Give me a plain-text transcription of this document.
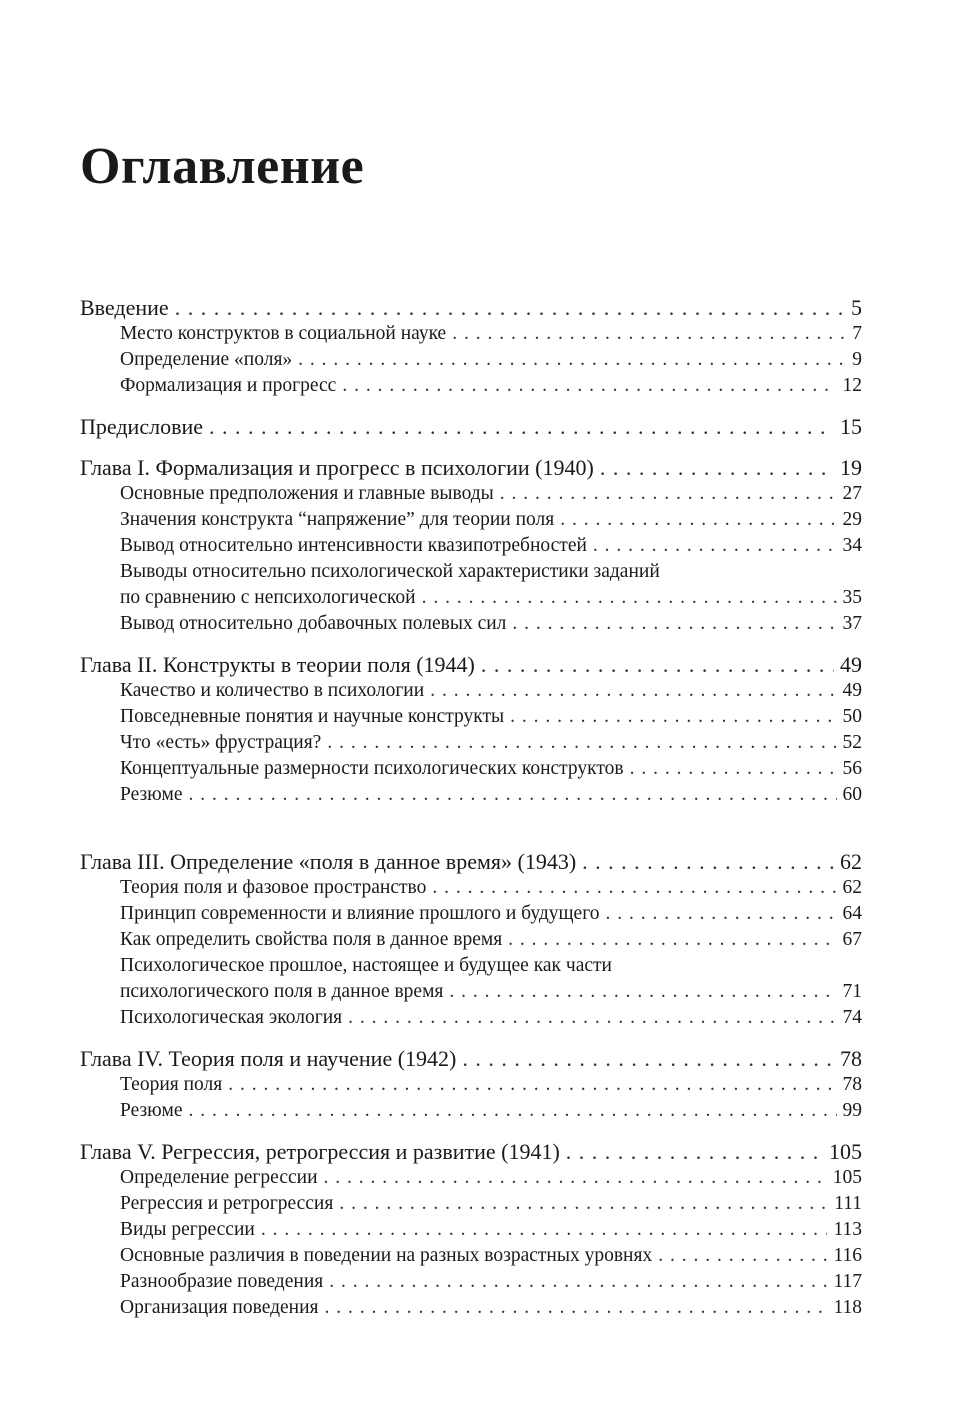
Оглавление
Введение . . .	5
Место конструктов в социальной науке . . .	7
Определение «поля» . . .	9
Формализация и прогресс . . .	12
Предисловие . . .	15
Глава I. Формализация и прогресс в психологии (1940) . . .	19
Основные предположения и главные выводы . . .	27
Значения конструкта “напряжение” для теории поля . . .	29
Вывод относительно интенсивности квазипотребностей . . .	34
Выводы относительно психологической характеристики заданий
по сравнению с непсихологической . . .	35
Вывод относительно добавочных полевых сил . . .	37
Глава II. Конструкты в теории поля (1944) . . .	49
Качество и количество в психологии . . .	49
Повседневные понятия и научные конструкты . . .	50
Что «есть» фрустрация? . . .	52
Концептуальные размерности психологических конструктов . . .	56
Резюме . . .	60
Глава III. Определение «поля в данное время» (1943) . . .	62
Теория поля и фазовое пространство . . .	62
Принцип современности и влияние прошлого и будущего . . .	64
Как определить свойства поля в данное время . . .	67
Психологическое прошлое, настоящее и будущее как части
психологического поля в данное время . . .	71
Психологическая экология . . .	74
Глава IV. Теория поля и научение (1942) . . .	78
Теория поля . . .	78
Резюме . . .	99
Глава V. Регрессия, ретрогрессия и развитие (1941) . . .	105
Определение регрессии . . .	105
Регрессия и ретрогрессия . . .	111
Виды регрессии . . .	113
Основные различия в поведении на разных возрастных уровнях . . .	116
Разнообразие поведения . . .	117
Организация поведения . . .	118
